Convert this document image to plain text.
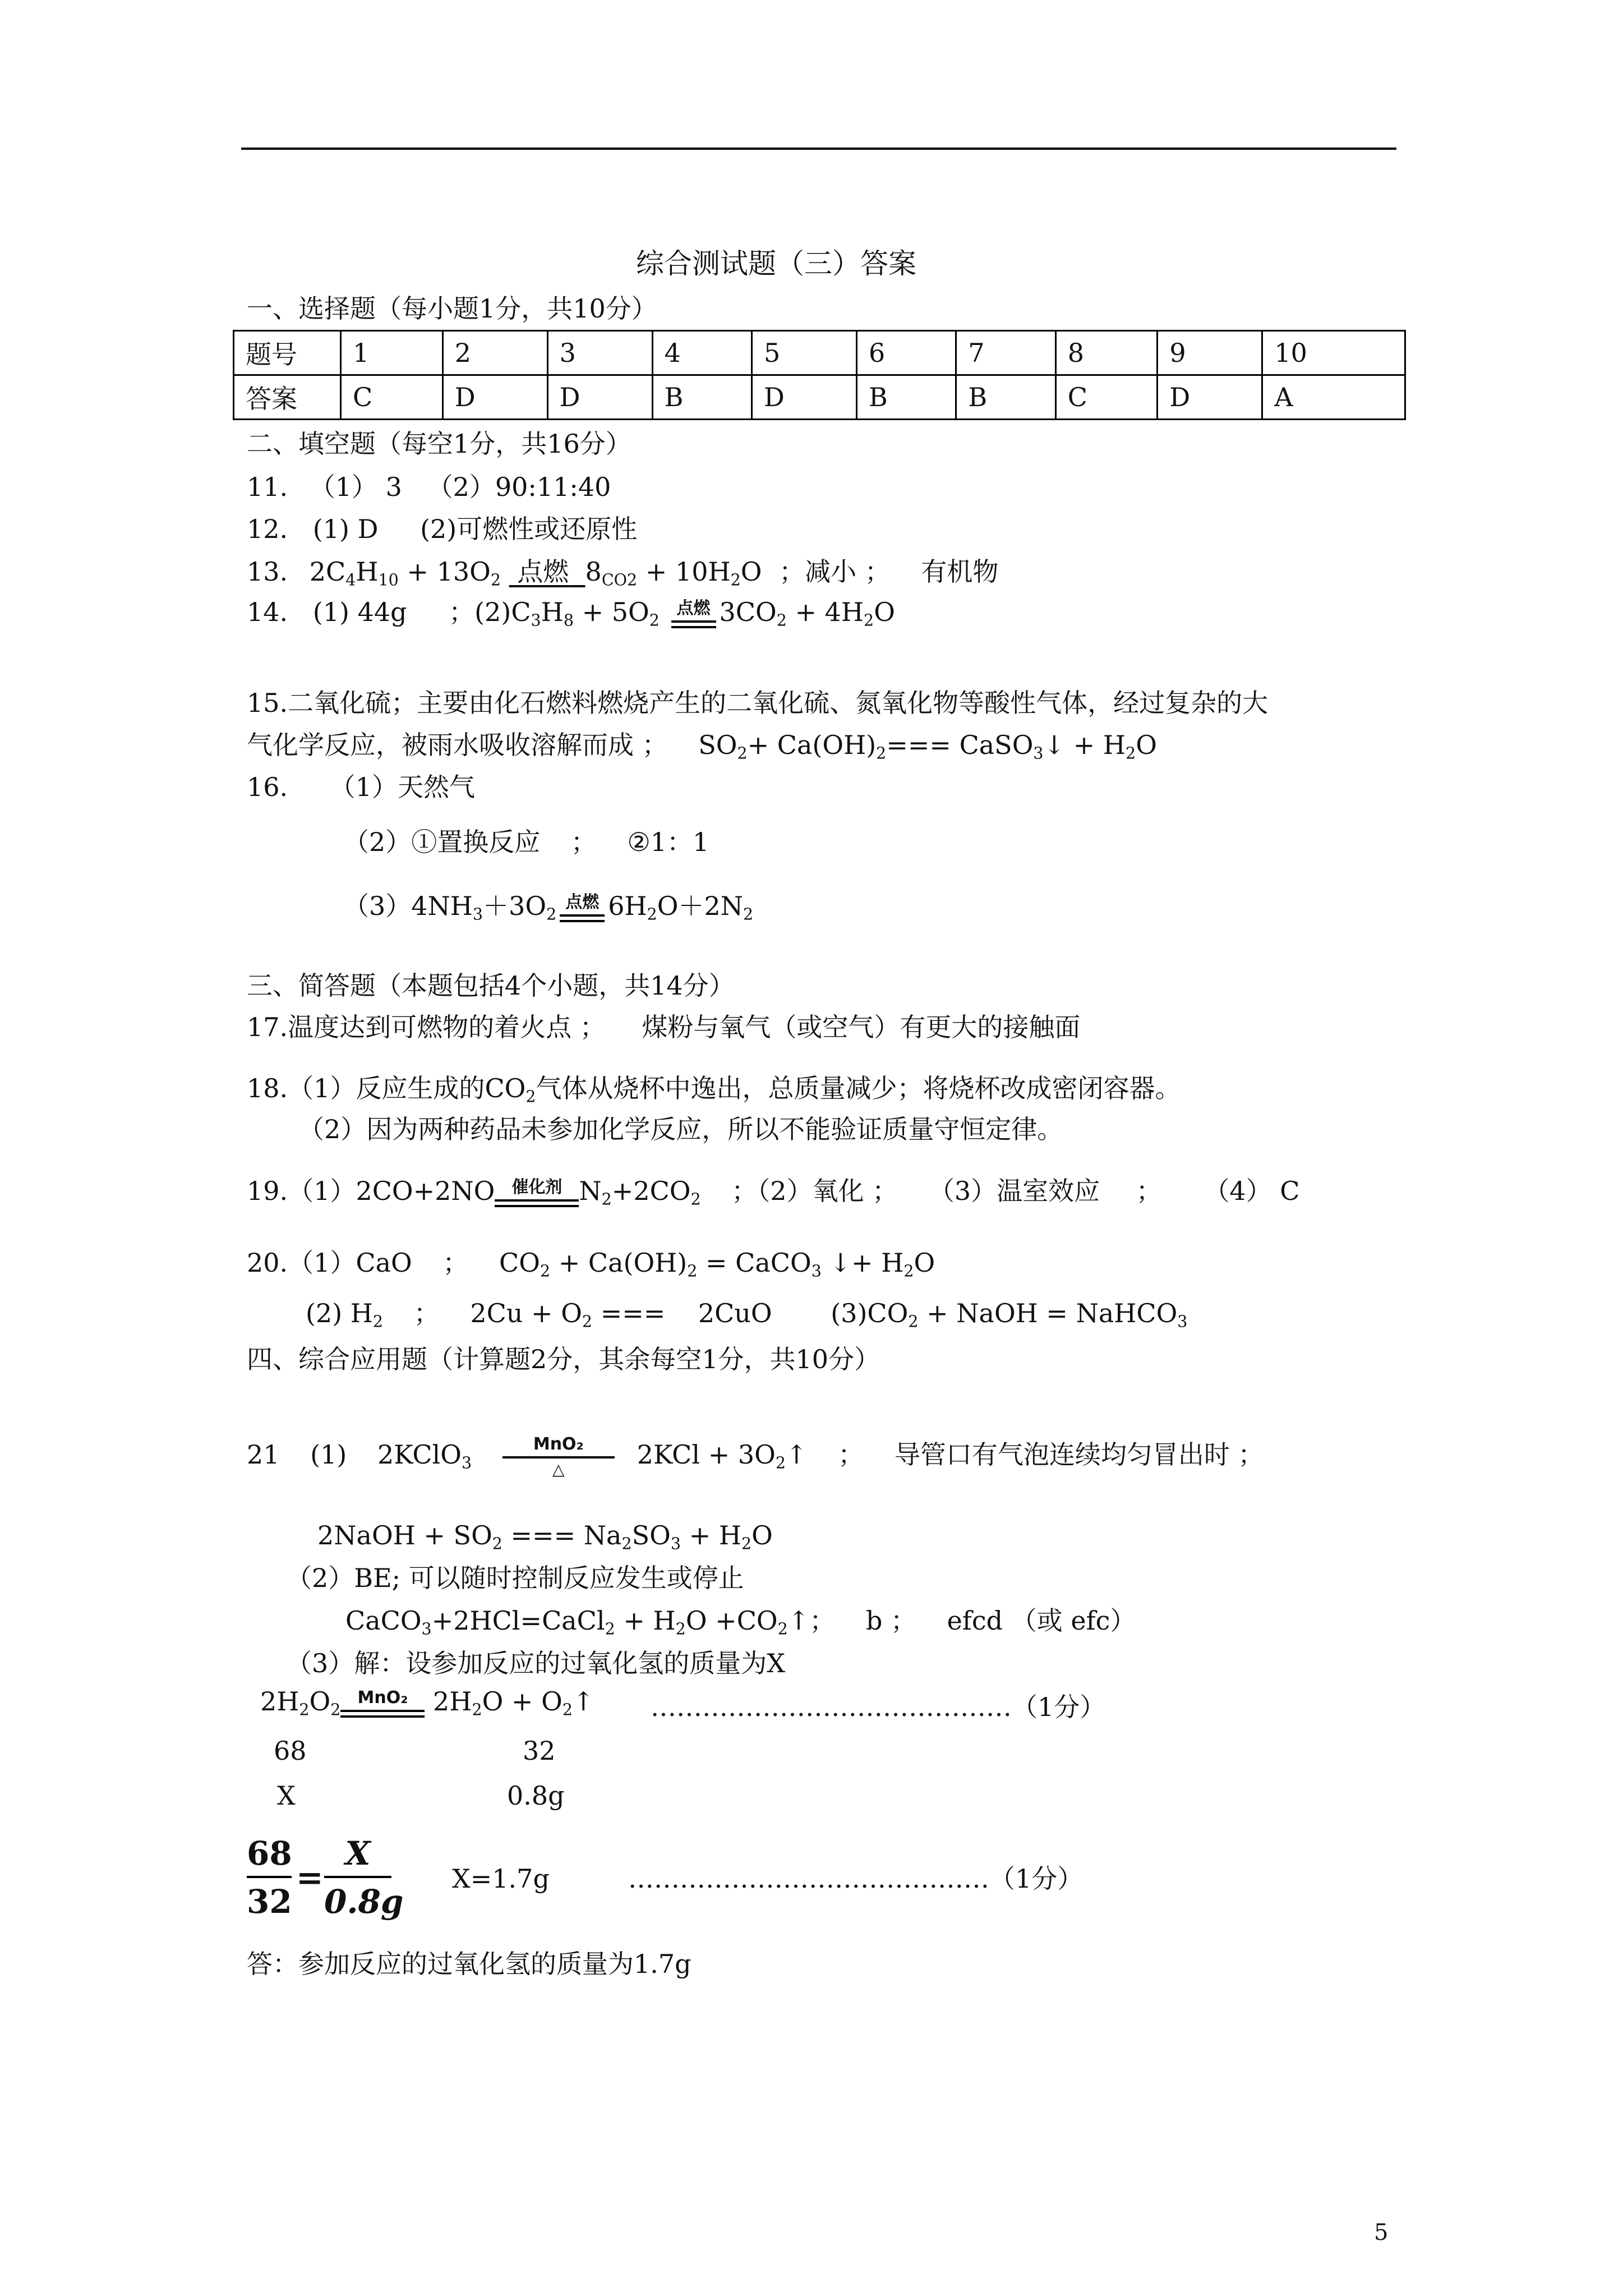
综合测试题（三）答案
一、选择题（每小题1分，共10分）
题号	1	2	3	4	5	6	7	8	9	10
答案	C	D	D	B	D	B	B	C	D	A
二、填空题（每空1分，共16分）
11. （1） 3 （2）90:11:40
12. (1) D (2)可燃性或还原性
13. $2C_4H_{10} + 13O_2$ 点燃 $8_{CO2} + 10H_2O$ ；减小 ； 有机物
14. (1) 44g ；$(2)C_3H_8 + 5O_2$
点燃 $3CO_2 + 4H_2O$
15.二氧化硫；主要由化石燃料燃烧产生的二氧化硫、氮氧化物等酸性气体，经过复杂的大
气化学反应，被雨水吸收溶解而成 ； $SO_2+ Ca(OH)_2===$ CaSO$_3$↓ + $H_2O$
16. （1）天然气
（2）①置换反应 ； ②1：1
$(3)4NH_3+3O_2$
点燃 $6H_2O+2N_2$
三、简答题（本题包括4个小题，共14分）
17.温度达到可燃物的着火点 ； 煤粉与氧气（或空气）有更大的接触面
18.（1）反应生成的$CO_2$气体从烧杯中逸出，总质量减少；将烧杯改成密闭容器。
（2）因为两种药品未参加化学反应，所以不能验证质量守恒定律。
19.（1）2CO+2NO	催化剂 $N_2+2CO_2$ ；（2）氧化 ； （3）温室效应 ； （4） C
20.（1）CaO ； $CO_2 + Ca(OH)_2$ = CaCO$_3$ ↓+ $H_2O$
(2) $H_2$ ； $2Cu + O_2$ ===    2CuO $(3)CO_2$ + NaOH = NaHCO$_3$
四、综合应用题（计算题2分，其余每空1分，共10分）
21 (1) 2KClO$_3$
MnO₂
△	$2KCl + 3O_2↑$ ； 导管口有气泡连续均匀冒出时 ；
2NaOH + $SO_2$ === $Na_2SO_3 + H_2O$
（2）BE; 可以随时控制反应发生或停止
CaCO$_3$+2HCl=CaCl$_2$ + $H_2O$ $+CO_2↑$； b ； efcd （或 efc）
（3）解：设参加反应的过氧化氢的质量为X
$2H_2O_2$
MnO₂ $2H_2O$ + $O_2↑$ ……………………………………（1分）
68	32
X	0.8g
$\frac{68}{32} = \frac{X}{0.8g} X=1.7g$	……………………………………（1分）
答：参加反应的过氧化氢的质量为1.7g
5
